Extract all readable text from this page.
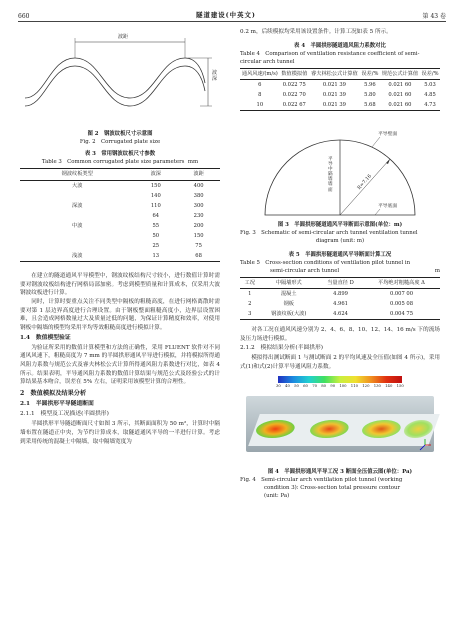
660	隧道建设(中英文)	第 43 卷
波距
波深
图 2　钢波纹板尺寸示意图
Fig. 2　Corrugated plate size
表 3　常用钢波纹板尺寸参数
Table 3　Common corrugated plate size parameters mm
钢波纹板类型	波深	波距
大波	150	400
	140	380
深波	110	300
	64	230
中波	55	200
	50	150
	25	75
浅波	13	68

在建立的隧道通风平导模型中，钢波纹板结构尺寸较小，进行数值计算时需要对钢波纹板结构进行网格局部加密。考虑到模型质量和计算成本，仅采用大波钢波纹板进行计算。

同时，计算时要重点关注不同类型中隔板的粗糙高度，在进行网格离散时需要对第 1 层边界高度进行合理设置。由于钢板整面粗糙高度小，边界层设置困难，且会造成网格数量过大及质量过低的问题，为保证计算精度和效率，对使用钢板中隔墙的模型均采用平均等效粗糙高度进行模拟计算。

1.4　数值模型验证

为验证所采用的数值计算模型和方法的正确性，采用 FLUENT 软件对不同通风风速下，粗糙高度为 7 mm 的半圆拱形通风平导进行模拟，并将模拟所得通风阻力系数与规范公式及睿夫林松公式计算所得通风阻力系数进行对比，如表 4 所示。结果表明，平导通风阻力系数的数值计算结果与规范公式及经验公式的计算结果基本吻合，误差在 5% 左右，证明采用该模型计算的合理性。

2　数值模拟及结果分析
2.1　半圆拱形平导隧道断面
2.1.1　模型及工况描述(半圆拱形)

半圆拱形平导隧道断面尺寸如图 3 所示，其断面面积为 50 m²，计算时中隔墙布置在隧道正中央，为节约计算成本，取隧道通风平导的一半进行计算。考虑到采用传统的混凝土中隔墙，取中隔墙宽度为

0.2 m，后续模拟均采用该设置条件。计算工况如表 5 所示。

表 4　半圆拱形隧道通风阻力系数对比
Table 4　Comparison of ventilation resistance coefficient of semi-circular arch tunnel
通风风速/(m/s)	数值模拟值	睿夫林松公式计算值	误差/%	规范公式计算值	误差/%
6	0.022 75	0.021 39	5.96	0.021 60	5.03
8	0.022 70	0.021 39	5.80	0.021 60	4.85
10	0.022 67	0.021 39	5.68	0.021 60	4.73
平导壁面
平导中隔墙墙面	R=7.16
平导底面
图 3　半圆拱形隧道通风平导断面示意图(单位：m)
Fig. 3　Schematic of semi-circular arch tunnel ventilation tunnel
diagram (unit: m)
表 5　半圆拱形隧道通风平导断面计算工况
Table 5　Cross-section conditions of ventilation pilot tunnel in
semi-circular arch tunnel	m
工况	中隔墙形式	当量直径 D	平均绝对粗糙高度 Δ
1	混凝土	4.899	0.007 00
2	钢板	4.961	0.005 08
3	钢波纹板(大波)	4.624	0.004 75

对各工况在通风风速分别为 2、4、6、8、10、12、14、16 m/s 下的流场及压力场进行模拟。

2.1.2　模拟结果分析(半圆拱形)

模拟得出测试断面 1 与测试断面 2 的平均风速及全压值(如图 4 所示)，采用式(1)和式(2)计算平导通风阻力系数。

30 40 50 60 70 80 90 100 110 120 130 140 150
图 4　半圆拱形通风平导工况 3 断面全压值云图(单位：Pa)
Fig. 4　Semi-circular arch ventilation pilot tunnel (working
condition 3): Cross-section total pressure contour
(unit: Pa)
